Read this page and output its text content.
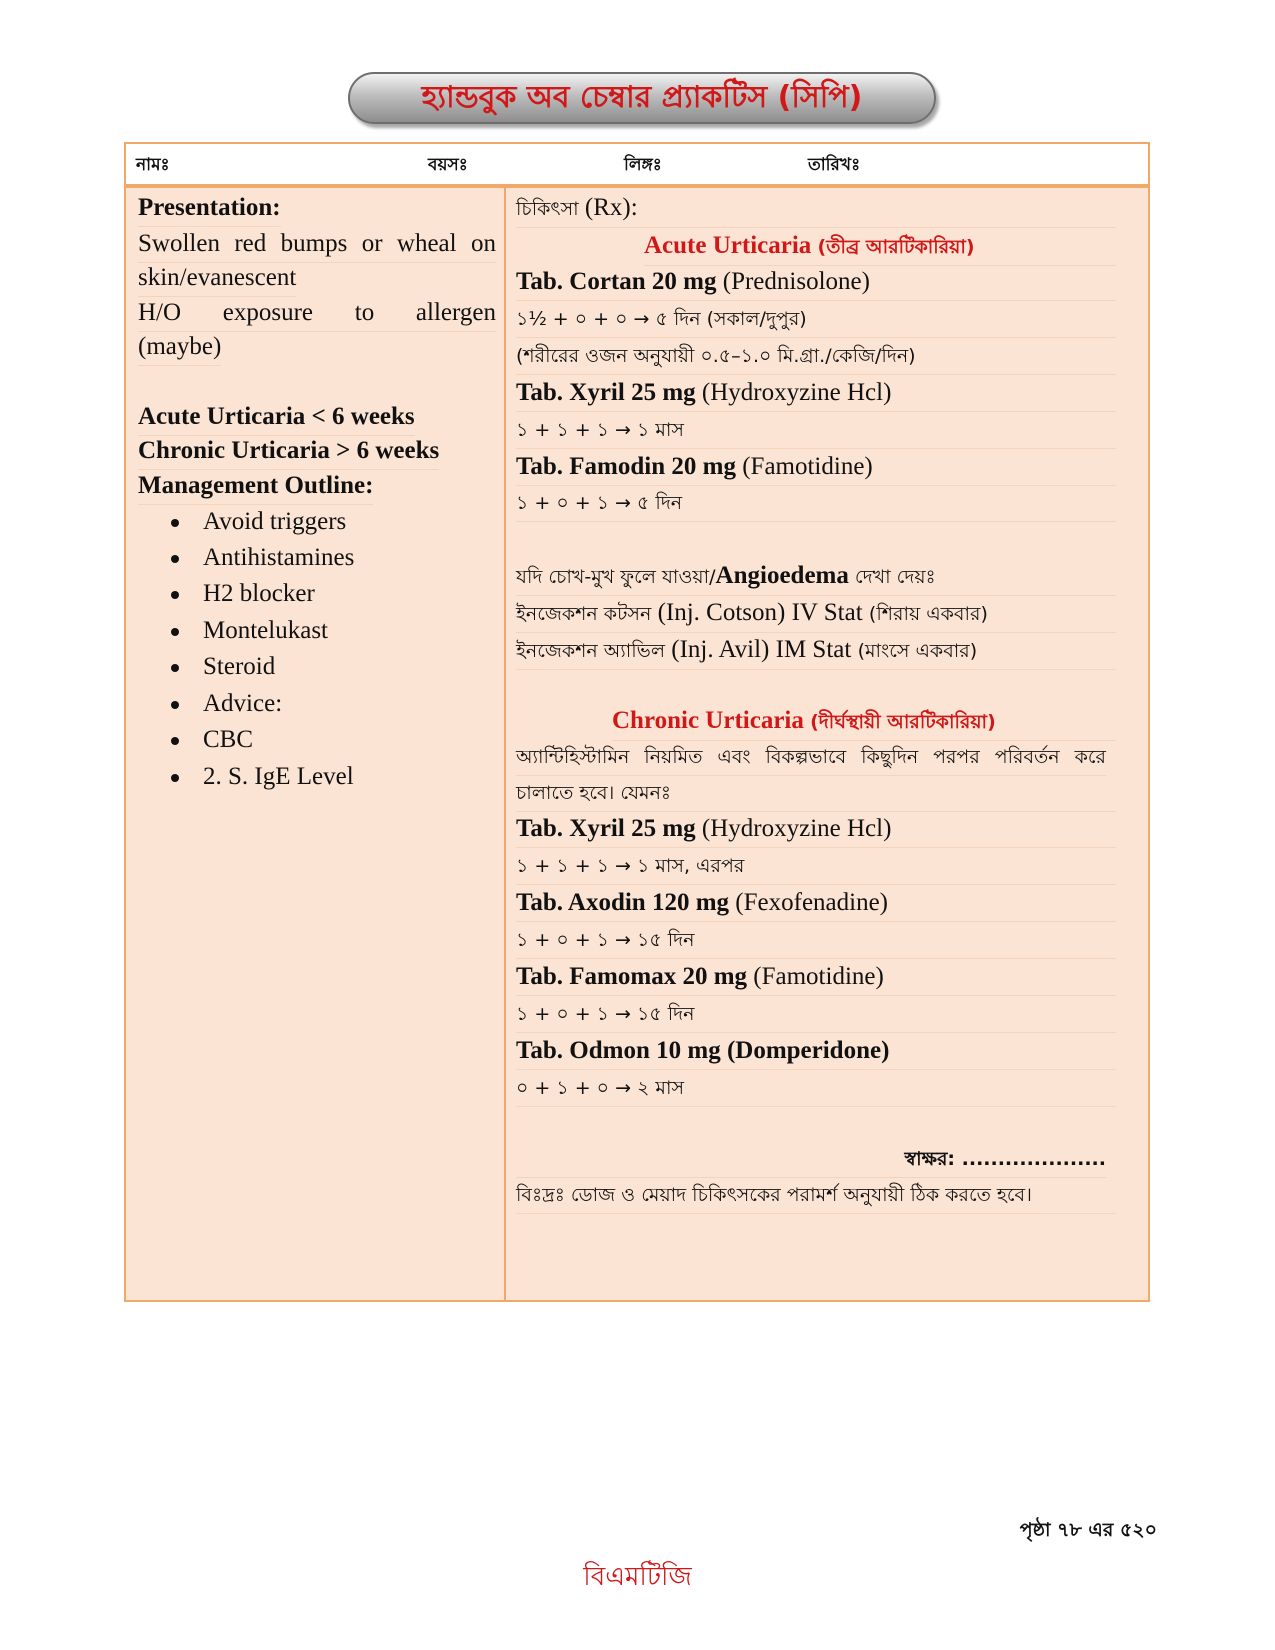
হ্যান্ডবুক অব চেম্বার প্র্যাকটিস (সিপি)
নামঃ	বয়সঃ	লিঙ্গঃ	তারিখঃ
Presentation:
Swollen red bumps or wheal on
skin/evanescent
H/O exposure to allergen
(maybe)
Acute Urticaria < 6 weeks
Chronic Urticaria > 6 weeks
Management Outline:
Avoid triggers
Antihistamines
H2 blocker
Montelukast
Steroid
Advice:
CBC
2. S. IgE Level
চিকিৎসা (Rx):
Acute Urticaria (তীব্র আরটিকারিয়া)
Tab. Cortan 20 mg (Prednisolone)
১½ + ০ + ০ → ৫ দিন (সকাল/দুপুর)
(শরীরের ওজন অনুযায়ী ০.৫–১.০ মি.গ্রা./কেজি/দিন)
Tab. Xyril 25 mg (Hydroxyzine Hcl)
১ + ১ + ১ → ১ মাস
Tab. Famodin 20 mg (Famotidine)
১ + ০ + ১ → ৫ দিন
যদি চোখ-মুখ ফুলে যাওয়া/Angioedema দেখা দেয়ঃ
ইনজেকশন কটসন (Inj. Cotson) IV Stat (শিরায় একবার)
ইনজেকশন অ্যাভিল (Inj. Avil) IM Stat (মাংসে একবার)
Chronic Urticaria (দীর্ঘস্থায়ী আরটিকারিয়া)
অ্যান্টিহিস্টামিন নিয়মিত এবং বিকল্পভাবে কিছুদিন পরপর পরিবর্তন করে
চালাতে হবে। যেমনঃ
Tab. Xyril 25 mg (Hydroxyzine Hcl)
১ + ১ + ১ → ১ মাস, এরপর
Tab. Axodin 120 mg (Fexofenadine)
১ + ০ + ১ → ১৫ দিন
Tab. Famomax 20 mg (Famotidine)
১ + ০ + ১ → ১৫ দিন
Tab. Odmon 10 mg (Domperidone)
০ + ১ + ০ → ২ মাস
স্বাক্ষর: ....................
বিঃদ্রঃ ডোজ ও মেয়াদ চিকিৎসকের পরামর্শ অনুযায়ী ঠিক করতে হবে।
পৃষ্ঠা ৭৮ এর ৫২০
বিএমটিজি
